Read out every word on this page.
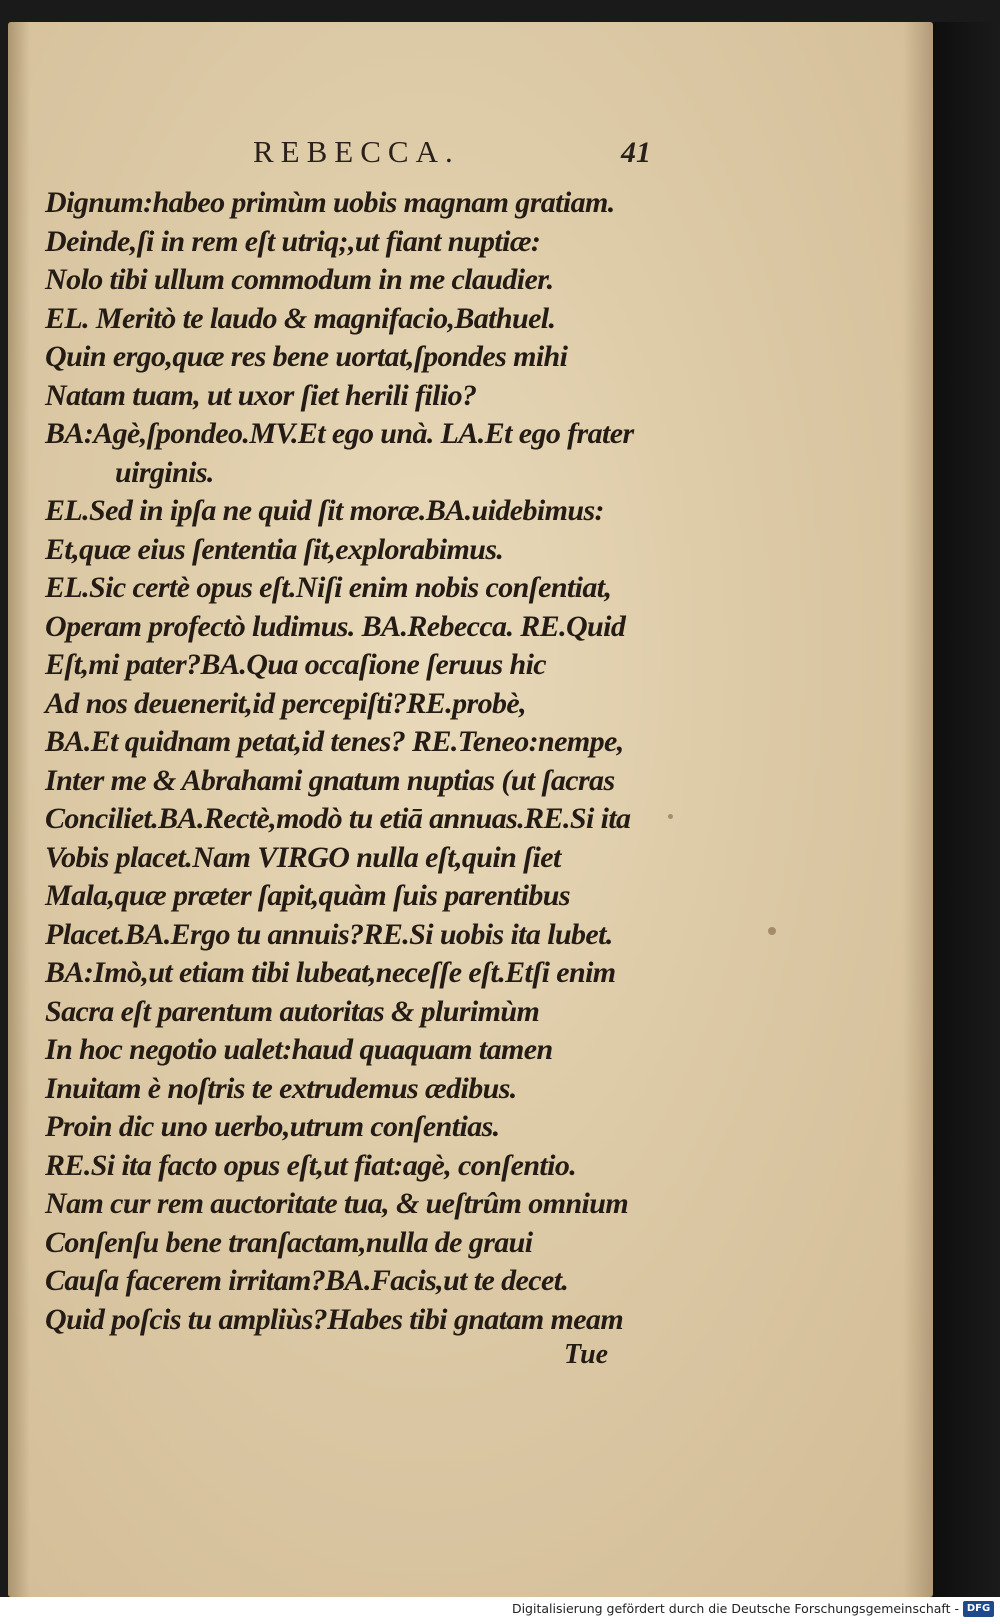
REBECCA.	41
Dignum:habeo primùm uobis magnam gratiam.
Deinde,ſi in rem eſt utriq;,ut fiant nuptiæ:
Nolo tibi ullum commodum in me claudier.
EL. Meritò te laudo & magnifacio,Bathuel.
Quin ergo,quæ res bene uortat,ſpondes mihi
Natam tuam, ut uxor ſiet herili filio?
BA:Agè,ſpondeo.MV.Et ego unà. LA.Et ego frater
uirginis.
EL.Sed in ipſa ne quid ſit moræ.BA.uidebimus:
Et,quæ eius ſententia ſit,explorabimus.
EL.Sic certè opus eſt.Niſi enim nobis conſentiat,
Operam profectò ludimus. BA.Rebecca. RE.Quid
Eſt,mi pater?BA.Qua occaſione ſeruus hic
Ad nos deuenerit,id percepiſti?RE.probè,
BA.Et quidnam petat,id tenes? RE.Teneo:nempe,
Inter me & Abrahami gnatum nuptias (ut ſacras
Conciliet.BA.Rectè,modò tu etiā annuas.RE.Si ita
Vobis placet.Nam VIRGO nulla eſt,quin ſiet
Mala,quæ præter ſapit,quàm ſuis parentibus
Placet.BA.Ergo tu annuis?RE.Si uobis ita lubet.
BA:Imò,ut etiam tibi lubeat,neceſſe eſt.Etſi enim
Sacra eſt parentum autoritas & plurimùm
In hoc negotio ualet:haud quaquam tamen
Inuitam è noſtris te extrudemus ædibus.
Proin dic uno uerbo,utrum conſentias.
RE.Si ita facto opus eſt,ut fiat:agè, conſentio.
Nam cur rem auctoritate tua, & ueſtrûm omnium
Conſenſu bene tranſactam,nulla de graui
Cauſa facerem irritam?BA.Facis,ut te decet.
Quid poſcis tu ampliùs?Habes tibi gnatam meam
Tue
Digitalisierung gefördert durch die Deutsche Forschungsgemeinschaft - DFG
